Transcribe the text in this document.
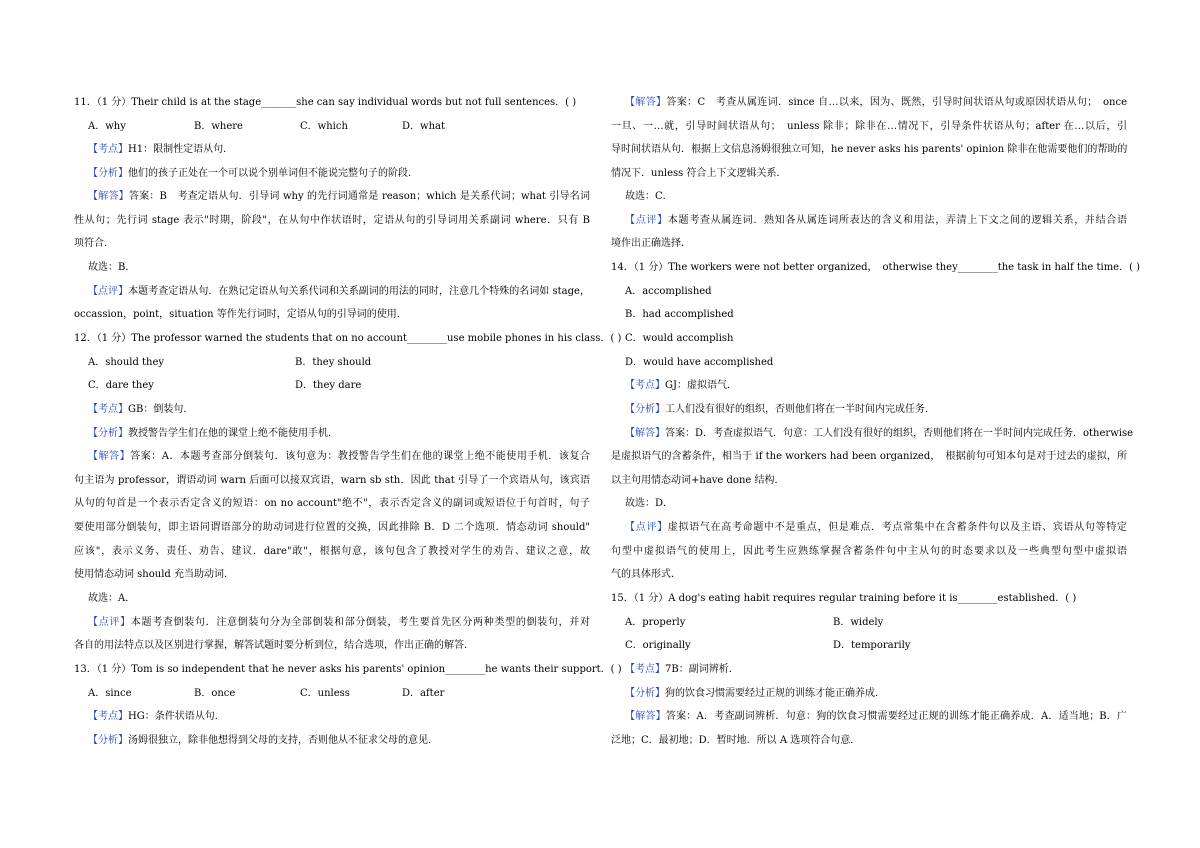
11．（1 分）Their child is at the stage_______she can say individual words but not full sentences．( )
A．why	B．where	C．which	D．what
【考点】H1：限制性定语从句．
【分析】他们的孩子正处在一个可以说个别单词但不能说完整句子的阶段．
【解答】答案：B　考查定语从句．引导词 why 的先行词通常是 reason；which 是关系代词；what 引导名词
性从句；先行词 stage 表示"时期，阶段"，在从句中作状语时，定语从句的引导词用关系副词 where．只有 B
项符合．
故选：B．
【点评】本题考查定语从句．在熟记定语从句关系代词和关系副词的用法的同时，注意几个特殊的名词如 stage，
occassion，point，situation 等作先行词时，定语从句的引导词的使用．
12．（1 分）The professor warned the students that on no account________use mobile phones in his class．( )
A．should they	B．they should
C．dare they	D．they dare
【考点】GB：倒装句．
【分析】教授警告学生们在他的课堂上绝不能使用手机．
【解答】答案：A．本题考查部分倒装句．该句意为：教授警告学生们在他的课堂上绝不能使用手机．该复合
句主语为 professor，谓语动词 warn 后面可以接双宾语，warn sb sth．因此 that 引导了一个宾语从句，该宾语
从句的句首是一个表示否定含义的短语：on no account"绝不"，表示否定含义的副词或短语位于句首时，句子
要使用部分倒装句，即主语同谓语部分的助动词进行位置的交换，因此排除 B．D 二个选项．情态动词 should"
应该"，表示义务、责任、劝告、建议．dare"敢"，根据句意，该句包含了教授对学生的劝告、建议之意，故
使用情态动词 should 充当助动词．
故选：A．
【点评】本题考查倒装句．注意倒装句分为全部倒装和部分倒装，考生要首先区分两种类型的倒装句，并对
各自的用法特点以及区别进行掌握，解答试题时要分析到位，结合选项，作出正确的解答．
13．（1 分）Tom is so independent that he never asks his parents' opinion________he wants their support．( )
A．since	B．once	C．unless	D．after
【考点】HG：条件状语从句．
【分析】汤姆很独立，除非他想得到父母的支持，否则他从不征求父母的意见．
【解答】答案：C　考查从属连词．since 自…以来，因为、既然，引导时间状语从句或原因状语从句；　once
一旦、一…就，引导时间状语从句；　unless 除非；除非在…情况下，引导条件状语从句；after 在…以后，引
导时间状语从句．根据上文信息汤姆很独立可知，he never asks his parents' opinion 除非在他需要他们的帮助的
情况下．unless 符合上下文逻辑关系．
故选：C．
【点评】本题考查从属连词．熟知各从属连词所表达的含义和用法，弄清上下文之间的逻辑关系，并结合语
境作出正确选择．
14．（1 分）The workers were not better organized，　otherwise they________the task in half the time．( )
A．accomplished
B．had accomplished
C．would accomplish
D．would have accomplished
【考点】GJ：虚拟语气．
【分析】工人们没有很好的组织，否则他们将在一半时间内完成任务．
【解答】答案：D．考查虚拟语气．句意：工人们没有很好的组织，否则他们将在一半时间内完成任务．otherwise
是虚拟语气的含蓄条件，相当于 if the workers had been organized，　根据前句可知本句是对于过去的虚拟，所
以主句用情态动词+have done 结构．
故选：D．
【点评】虚拟语气在高考命题中不是重点，但是难点．考点常集中在含蓄条件句以及主语、宾语从句等特定
句型中虚拟语气的使用上，因此考生应熟练掌握含蓄条件句中主从句的时态要求以及一些典型句型中虚拟语
气的具体形式．
15．（1 分）A dog's eating habit requires regular training before it is________established．( )
A．properly	B．widely
C．originally	D．temporarily
【考点】7B：副词辨析．
【分析】狗的饮食习惯需要经过正规的训练才能正确养成．
【解答】答案：A．考查副词辨析．句意：狗的饮食习惯需要经过正规的训练才能正确养成．A．适当地；B．广
泛地；C．最初地；D．暂时地．所以 A 选项符合句意．
